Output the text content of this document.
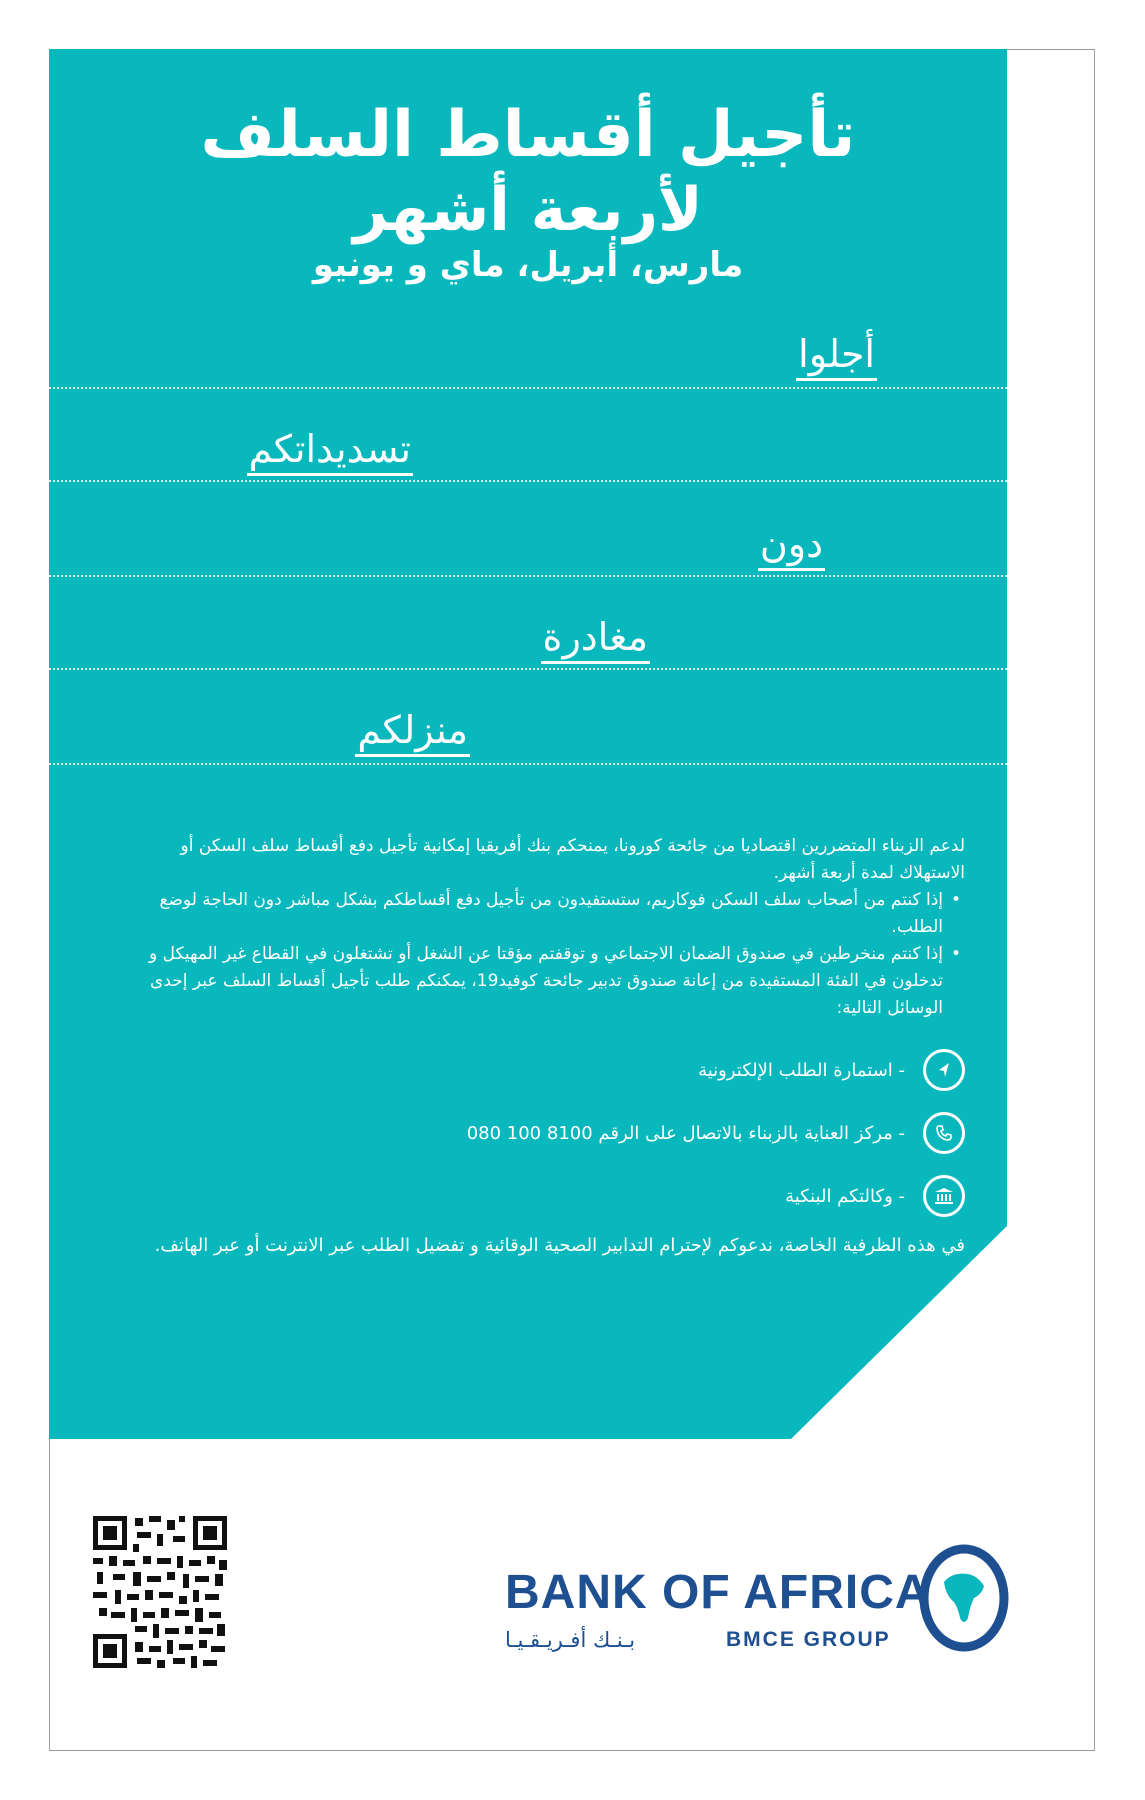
تأجيل أقساط السلف
لأربعة أشهر
مارس، أبريل، ماي و يونيو
أجلوا
تسديداتكم
دون
مغادرة
منزلكم

لدعم الزبناء المتضررين اقتصاديا من جائحة كورونا، يمنحكم بنك أفريقيا إمكانية تأجيل دفع أقساط سلف السكن أو الاستهلاك لمدة أربعة أشهر.

• إذا كنتم من أصحاب سلف السكن فوكاريم، ستستفيدون من تأجيل دفع أقساطكم بشكل مباشر دون الحاجة لوضع الطلب.
• إذا كنتم منخرطين في صندوق الضمان الاجتماعي و توقفتم مؤقتا عن الشغل أو تشتغلون في القطاع غير المهيكل و تدخلون في الفئة المستفيدة من إعانة صندوق تدبير جائحة كوفيد19، يمكنكم طلب تأجيل أقساط السلف عبر إحدى الوسائل التالية:
- استمارة الطلب الإلكترونية
- مركز العناية بالزبناء بالاتصال على الرقم 8100 100 080
- وكالتكم البنكية
في هذه الظرفية الخاصة، ندعوكم لإحترام التدابير الصحية الوقائية و تفضيل الطلب عبر الانترنت أو عبر الهاتف.
BANK OF AFRICA
بـنـك أفـريـقـيـا	BMCE GROUP
